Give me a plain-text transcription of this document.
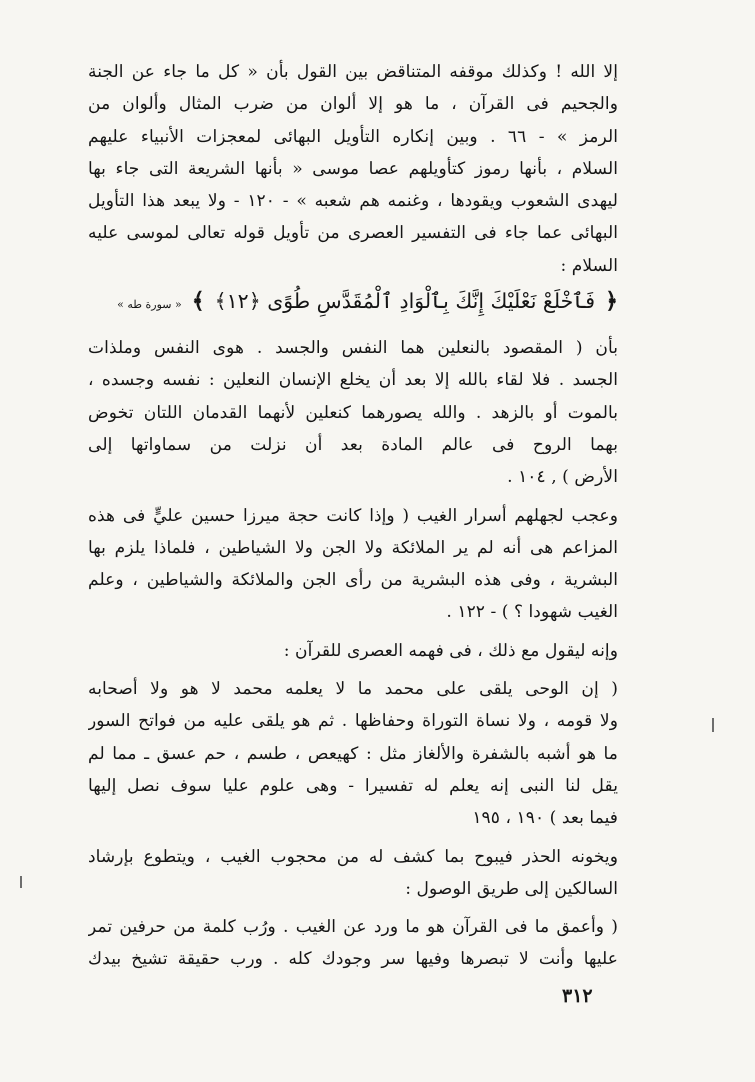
إلا الله ! وكذلك موقفه المتناقض بين القول بأن « كل ما جاء عن الجنة
والجحيم فى القرآن ، ما هو إلا ألوان من ضرب المثال وألوان من
الرمز » - ٦٦ . وبين إنكاره التأويل البهائى لمعجزات الأنبياء عليهم
السلام ، بأنها رموز كتأويلهم عصا موسى « بأنها الشريعة التى جاء بها
ليهدى الشعوب ويقودها ، وغنمه هم شعبه » - ١٢٠ - ولا يبعد هذا التأويل
البهائى عما جاء فى التفسير العصرى من تأويل قوله تعالى لموسى عليه
السلام :
﴿
فَٱخْلَعْ نَعْلَيْكَ إِنَّكَ بِٱلْوَادِ ٱلْمُقَدَّسِ طُوًى ﴿١٢﴾
﴾
« سورة طه »
بأن ( المقصود بالنعلين هما النفس والجسد . هوى النفس وملذات
الجسد . فلا لقاء بالله إلا بعد أن يخلع الإنسان النعلين : نفسه وجسده ،
بالموت أو بالزهد . والله يصورهما كنعلين لأنهما القدمان اللتان تخوض
بهما الروح فى عالم المادة بعد أن نزلت من سماواتها إلى
الأرض ) , ١٠٤ .
وعجب لجهلهم أسرار الغيب ( وإذا كانت حجة ميرزا حسين عليٍّ فى هذه
المزاعم هى أنه لم ير الملائكة ولا الجن ولا الشياطين ، فلماذا يلزم بها
البشرية ، وفى هذه البشرية من رأى الجن والملائكة والشياطين ، وعلم
الغيب شهودا ؟ ) - ١٢٢ .
وإنه ليقول مع ذلك ، فى فهمه العصرى للقرآن :
( إن الوحى يلقى على محمد ما لا يعلمه محمد لا هو ولا أصحابه
ولا قومه ، ولا نساة التوراة وحفاظها . ثم هو يلقى عليه من فواتح السور
ما هو أشبه بالشفرة والألغاز مثل : كهيعص ، طسم ، حم عسق ـ مما لم
يقل لنا النبى إنه يعلم له تفسيرا - وهى علوم عليا سوف نصل إليها
فيما بعد ) ١٩٠ ، ١٩٥
ويخونه الحذر فيبوح بما كشف له من محجوب الغيب ، ويتطوع بإرشاد
السالكين إلى طريق الوصول :
( وأعمق ما فى القرآن هو ما ورد عن الغيب . ورُب كلمة من حرفين تمر
عليها وأنت لا تبصرها وفيها سر وجودك كله . ورب حقيقة تشيخ بيدك
٣١٢
